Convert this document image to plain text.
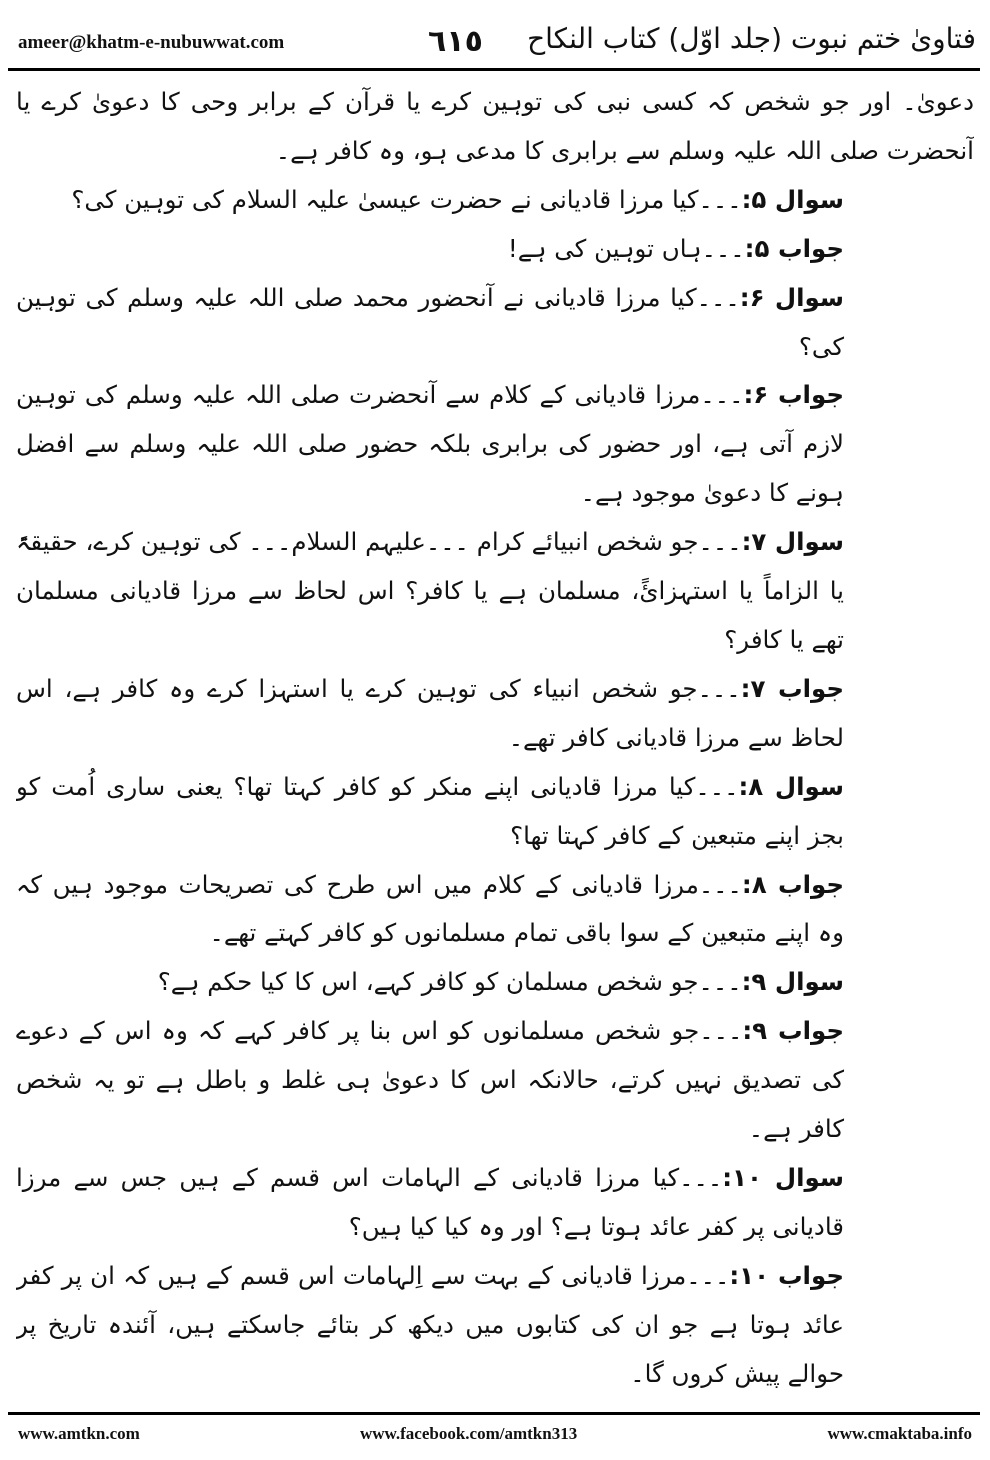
ameer@khatm-e-nubuwwat.com	٦١٥ فتاویٰ ختم نبوت (جلد اوّل) کتاب النکاح

دعویٰ۔ اور جو شخص کہ کسی نبی کی توہین کرے یا قرآن کے برابر وحی کا دعویٰ کرے یا آنحضرت صلی اللہ علیہ وسلم سے برابری کا مدعی ہو، وہ کافر ہے۔

سوال ۵:۔۔۔کیا مرزا قادیانی نے حضرت عیسیٰ علیہ السلام کی توہین کی؟

جواب ۵:۔۔۔ہاں توہین کی ہے!

سوال ۶:۔۔۔کیا مرزا قادیانی نے آنحضور محمد صلی اللہ علیہ وسلم کی توہین کی؟

جواب ۶:۔۔۔مرزا قادیانی کے کلام سے آنحضرت صلی اللہ علیہ وسلم کی توہین لازم آتی ہے، اور حضور کی برابری بلکہ حضور صلی اللہ علیہ وسلم سے افضل ہونے کا دعویٰ موجود ہے۔

سوال ۷:۔۔۔جو شخص انبیائے کرام ۔۔۔علیہم السلام۔۔۔ کی توہین کرے، حقیقۃً یا الزاماً یا استہزائً، مسلمان ہے یا کافر؟ اس لحاظ سے مرزا قادیانی مسلمان تھے یا کافر؟

جواب ۷:۔۔۔جو شخص انبیاء کی توہین کرے یا استہزا کرے وہ کافر ہے، اس لحاظ سے مرزا قادیانی کافر تھے۔

سوال ۸:۔۔۔کیا مرزا قادیانی اپنے منکر کو کافر کہتا تھا؟ یعنی ساری اُمت کو بجز اپنے متبعین کے کافر کہتا تھا؟

جواب ۸:۔۔۔مرزا قادیانی کے کلام میں اس طرح کی تصریحات موجود ہیں کہ وہ اپنے متبعین کے سوا باقی تمام مسلمانوں کو کافر کہتے تھے۔

سوال ۹:۔۔۔جو شخص مسلمان کو کافر کہے، اس کا کیا حکم ہے؟

جواب ۹:۔۔۔جو شخص مسلمانوں کو اس بنا پر کافر کہے کہ وہ اس کے دعوے کی تصدیق نہیں کرتے، حالانکہ اس کا دعویٰ ہی غلط و باطل ہے تو یہ شخص کافر ہے۔

سوال ۱۰:۔۔۔کیا مرزا قادیانی کے الہامات اس قسم کے ہیں جس سے مرزا قادیانی پر کفر عائد ہوتا ہے؟ اور وہ کیا کیا ہیں؟

جواب ۱۰:۔۔۔مرزا قادیانی کے بہت سے اِلہامات اس قسم کے ہیں کہ ان پر کفر عائد ہوتا ہے جو ان کی کتابوں میں دیکھ کر بتائے جاسکتے ہیں، آئندہ تاریخ پر حوالے پیش کروں گا۔

www.amtkn.com	www.facebook.com/amtkn313	www.cmaktaba.info
